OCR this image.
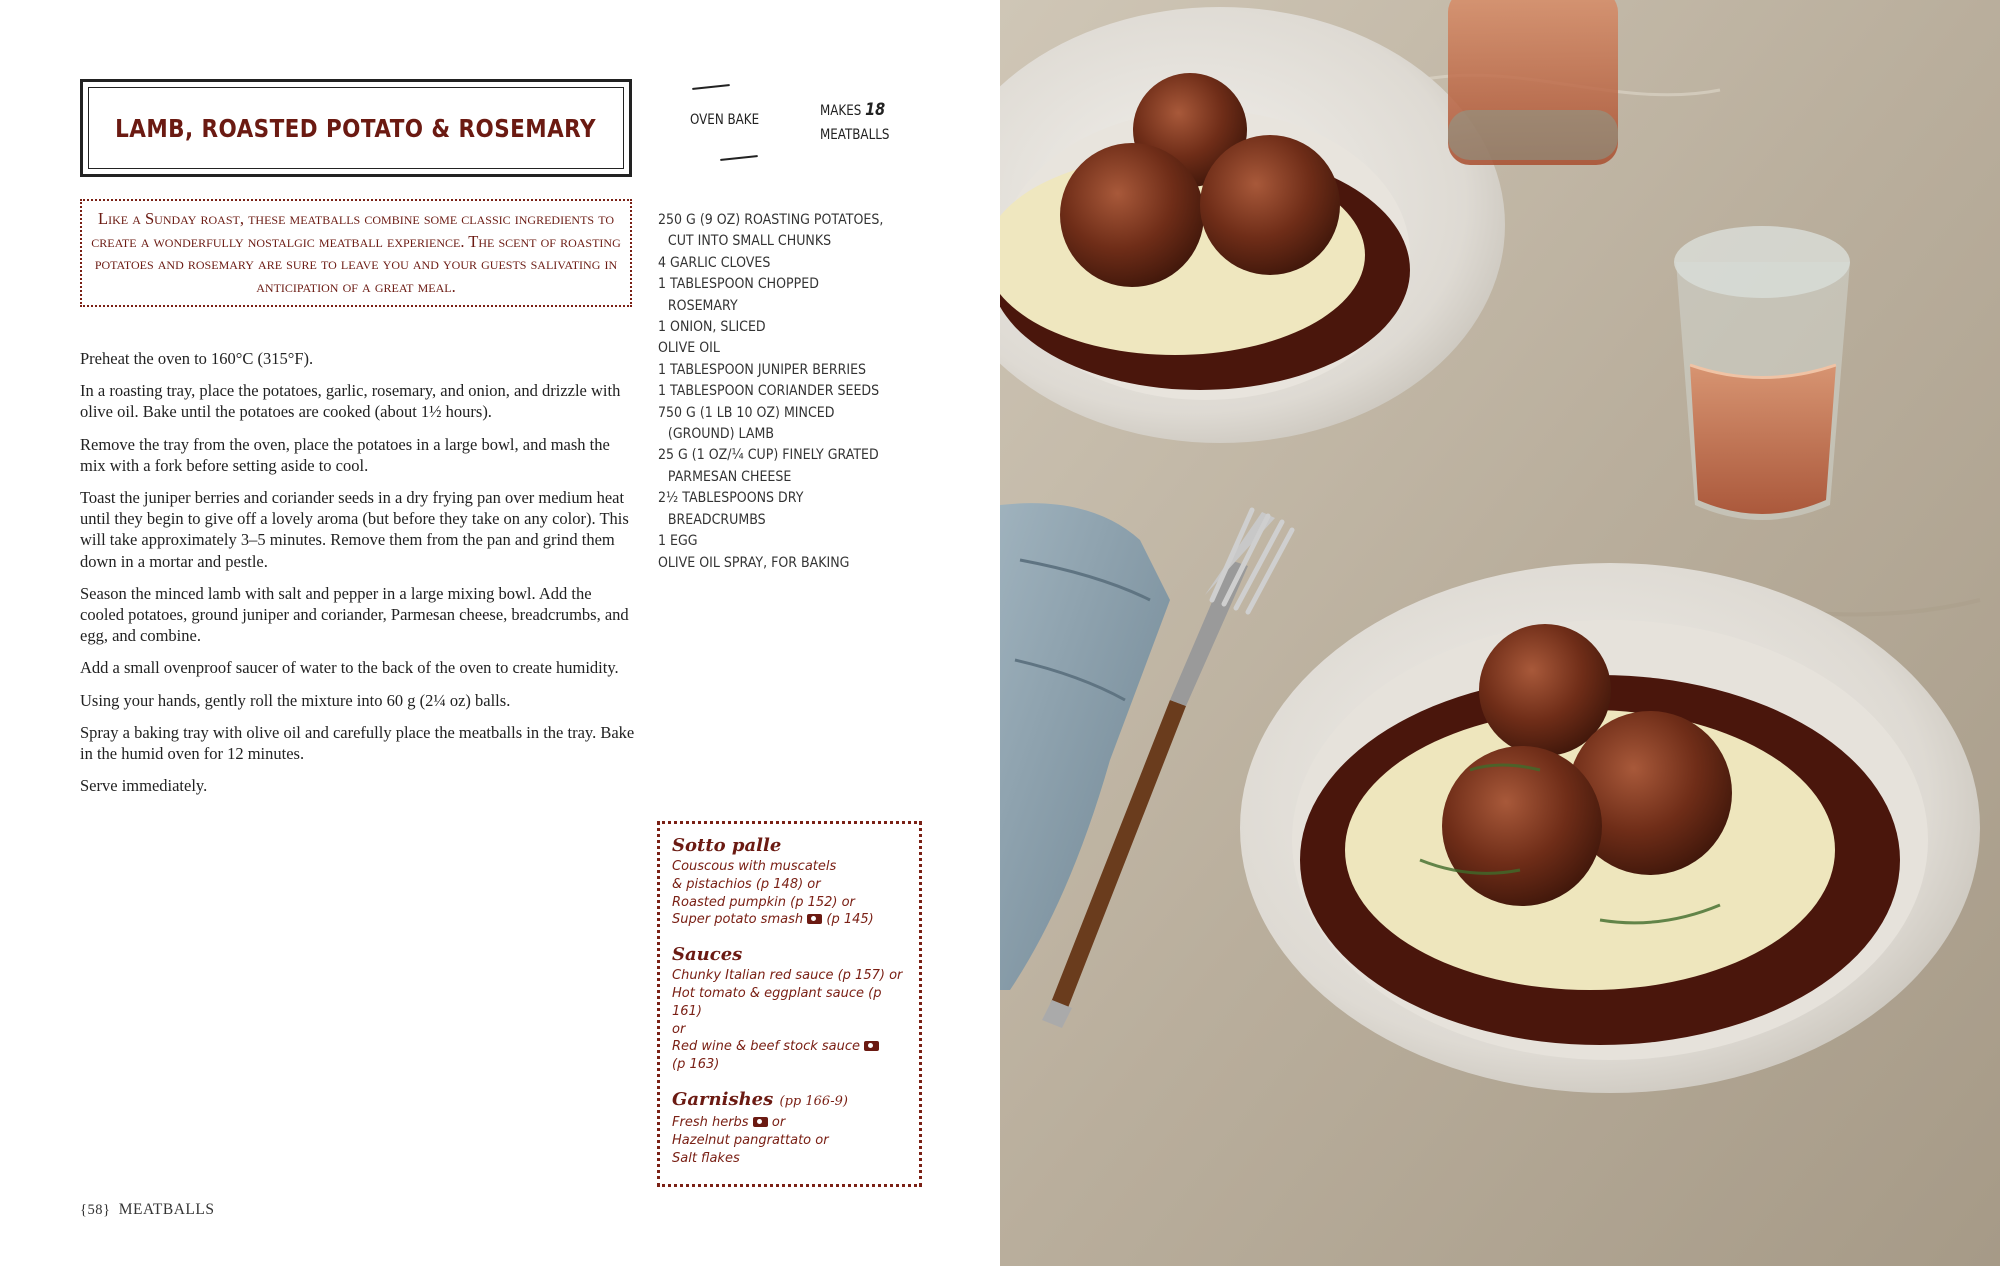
LAMB, ROASTED POTATO & ROSEMARY

Like a Sunday roast, these meatballs combine some classic ingredients to create a wonderfully nostalgic meatball experience. The scent of roasting potatoes and rosemary are sure to leave you and your guests salivating in anticipation of a great meal.

OVEN BAKE
MAKES 18
MEATBALLS
250 G (9 OZ) ROASTING POTATOES,
CUT INTO SMALL CHUNKS
4 GARLIC CLOVES
1 TABLESPOON CHOPPED
ROSEMARY
1 ONION, SLICED
OLIVE OIL
1 TABLESPOON JUNIPER BERRIES
1 TABLESPOON CORIANDER SEEDS
750 G (1 LB 10 OZ) MINCED
(GROUND) LAMB
25 G (1 OZ/¼ CUP) FINELY GRATED
PARMESAN CHEESE
2½ TABLESPOONS DRY
BREADCRUMBS
1 EGG
OLIVE OIL SPRAY, FOR BAKING

Preheat the oven to 160°C (315°F).

In a roasting tray, place the potatoes, garlic, rosemary, and onion, and drizzle with olive oil. Bake until the potatoes are cooked (about 1½ hours).

Remove the tray from the oven, place the potatoes in a large bowl, and mash the mix with a fork before setting aside to cool.

Toast the juniper berries and coriander seeds in a dry frying pan over medium heat until they begin to give off a lovely aroma (but before they take on any color). This will take approximately 3–5 minutes. Remove them from the pan and grind them down in a mortar and pestle.

Season the minced lamb with salt and pepper in a large mixing bowl. Add the cooled potatoes, ground juniper and coriander, Parmesan cheese, breadcrumbs, and egg, and combine.

Add a small ovenproof saucer of water to the back of the oven to create humidity.

Using your hands, gently roll the mixture into 60 g (2¼ oz) balls.

Spray a baking tray with olive oil and carefully place the meatballs in the tray. Bake in the humid oven for 12 minutes.

Serve immediately.

Sotto palle

Couscous with muscatels
& pistachios (p 148) or
Roasted pumpkin (p 152) or
Super potato smash (p 145)

Sauces

Chunky Italian red sauce (p 157) or
Hot tomato & eggplant sauce (p 161)
or
Red wine & beef stock sauce
(p 163)

Garnishes (pp 166-9)

Fresh herbs or
Hazelnut pangrattato or
Salt flakes

{58}  MEATBALLS
